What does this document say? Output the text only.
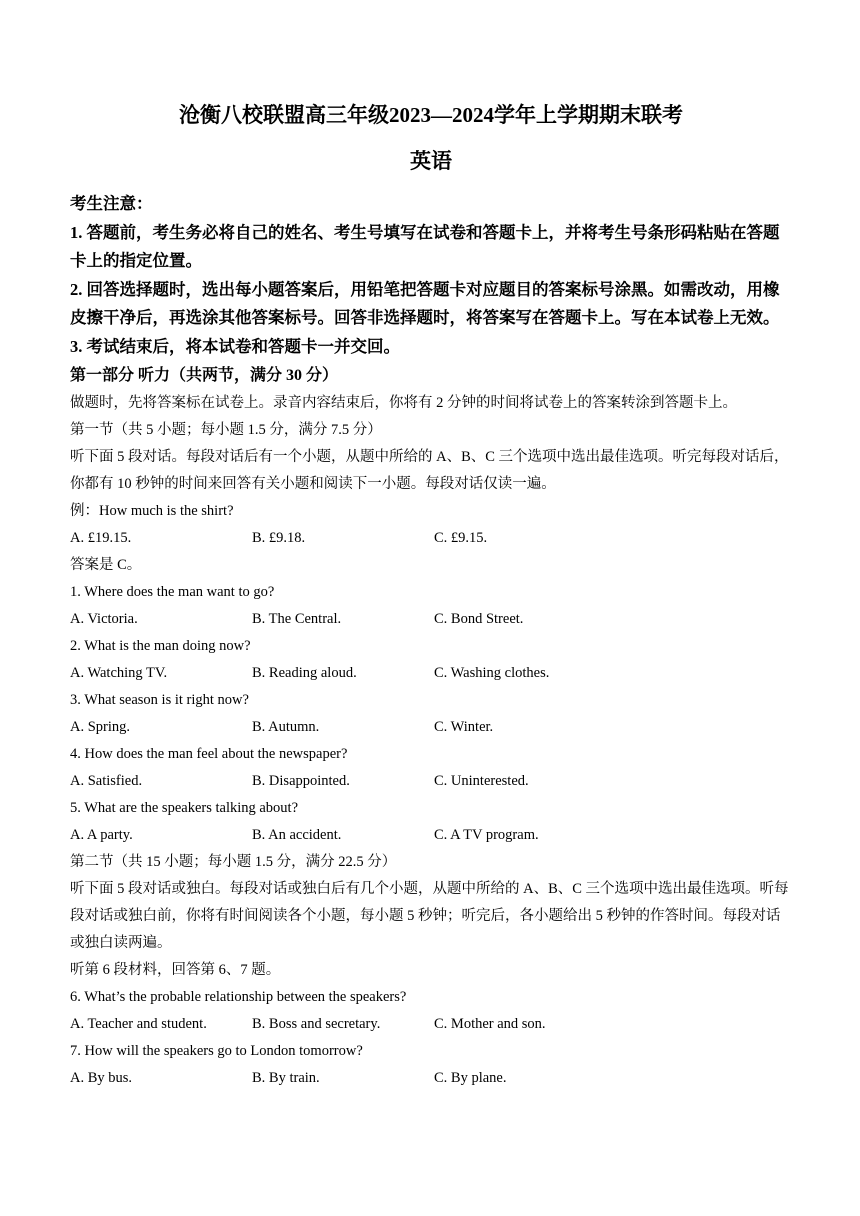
沧衡八校联盟高三年级2023—2024学年上学期期末联考
英语

考生注意：

1. 答题前，考生务必将自己的姓名、考生号填写在试卷和答题卡上，并将考生号条形码粘贴在答题卡上的指定位置。

2. 回答选择题时，选出每小题答案后，用铅笔把答题卡对应题目的答案标号涂黑。如需改动，用橡皮擦干净后，再选涂其他答案标号。回答非选择题时，将答案写在答题卡上。写在本试卷上无效。

3. 考试结束后，将本试卷和答题卡一并交回。

第一部分 听力（共两节，满分 30 分）

做题时，先将答案标在试卷上。录音内容结束后，你将有 2 分钟的时间将试卷上的答案转涂到答题卡上。

第一节（共 5 小题；每小题 1.5 分，满分 7.5 分）

听下面 5 段对话。每段对话后有一个小题，从题中所给的 A、B、C 三个选项中选出最佳选项。听完每段对话后，你都有 10 秒钟的时间来回答有关小题和阅读下一小题。每段对话仅读一遍。

例：How much is the shirt?

A. £19.15.	B. £9.18.	C. £9.15.

答案是 C。

1. Where does the man want to go?

A. Victoria.	B. The Central.	C. Bond Street.

2. What is the man doing now?

A. Watching TV.	B. Reading aloud.	C. Washing clothes.

3. What season is it right now?

A. Spring.	B. Autumn.	C. Winter.

4. How does the man feel about the newspaper?

A. Satisfied.	B. Disappointed.	C. Uninterested.

5. What are the speakers talking about?

A. A party.	B. An accident.	C. A TV program.

第二节（共 15 小题；每小题 1.5 分，满分 22.5 分）

听下面 5 段对话或独白。每段对话或独白后有几个小题，从题中所给的 A、B、C 三个选项中选出最佳选项。听每段对话或独白前，你将有时间阅读各个小题，每小题 5 秒钟；听完后，各小题给出 5 秒钟的作答时间。每段对话或独白读两遍。

听第 6 段材料，回答第 6、7 题。

6. What’s the probable relationship between the speakers?

A. Teacher and student.	B. Boss and secretary.	C. Mother and son.

7. How will the speakers go to London tomorrow?

A. By bus.	B. By train.	C. By plane.
